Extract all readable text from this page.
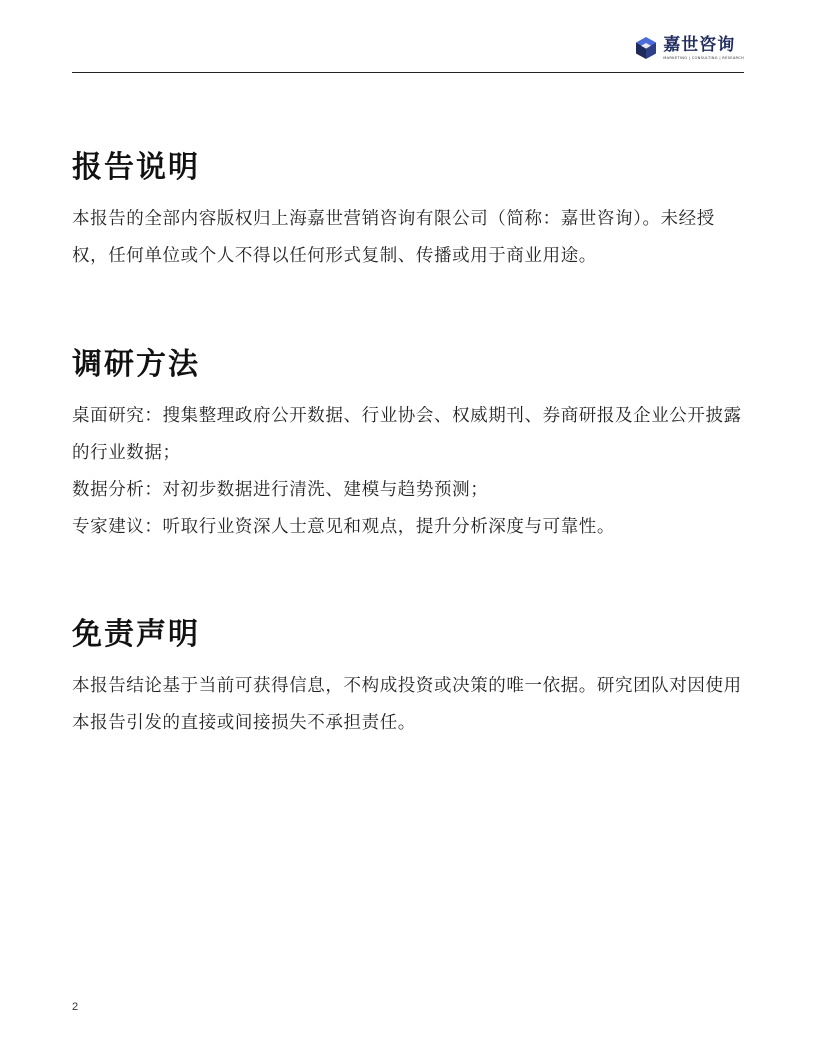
嘉世咨询
MARKETING | CONSULTING | RESEARCH
报告说明

本报告的全部内容版权归上海嘉世营销咨询有限公司（简称：嘉世咨询）。未经授权，任何单位或个人不得以任何形式复制、传播或用于商业用途。

调研方法

桌面研究：搜集整理政府公开数据、行业协会、权威期刊、券商研报及企业公开披露的行业数据；

数据分析：对初步数据进行清洗、建模与趋势预测；

专家建议：听取行业资深人士意见和观点，提升分析深度与可靠性。

免责声明

本报告结论基于当前可获得信息，不构成投资或决策的唯一依据。研究团队对因使用本报告引发的直接或间接损失不承担责任。

2
